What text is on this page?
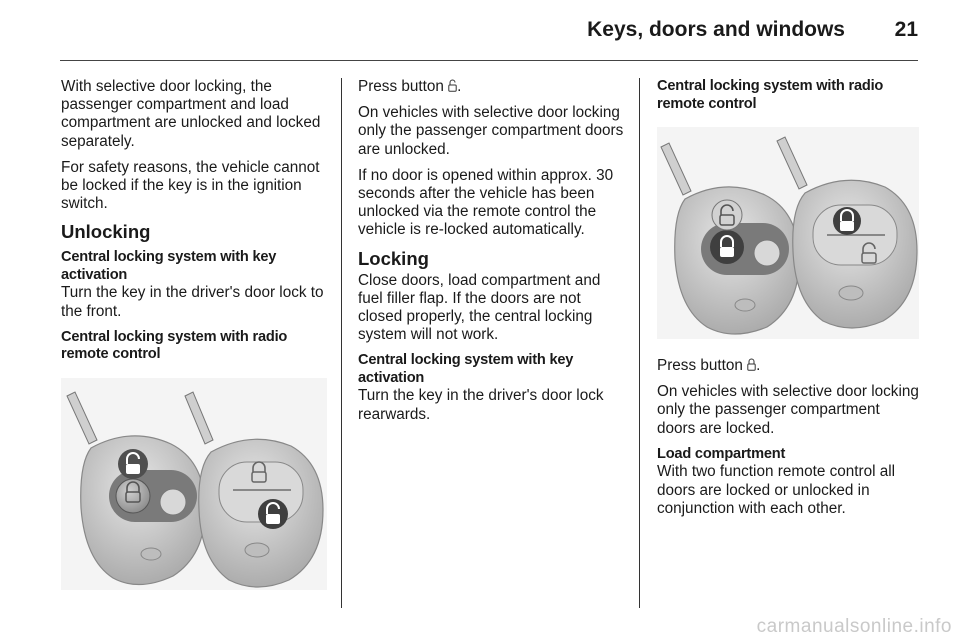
Keys, doors and windows 21

With selective door locking, the passenger compartment and load compartment are unlocked and locked separately.

For safety reasons, the vehicle cannot be locked if the key is in the ignition switch.

Unlocking
Central locking system with key activation

Turn the key in the driver's door lock to the front.

Central locking system with radio remote control

Press button .

On vehicles with selective door locking only the passenger compartment doors are unlocked.

If no door is opened within approx. 30 seconds after the vehicle has been unlocked via the remote control the vehicle is re-locked automatically.

Locking

Close doors, load compartment and fuel filler flap. If the doors are not closed properly, the central locking system will not work.

Central locking system with key activation

Turn the key in the driver's door lock rearwards.

Central locking system with radio remote control

Press button .

On vehicles with selective door locking only the passenger compartment doors are locked.

Load compartment

With two function remote control all doors are locked or unlocked in conjunction with each other.

carmanualsonline.info
